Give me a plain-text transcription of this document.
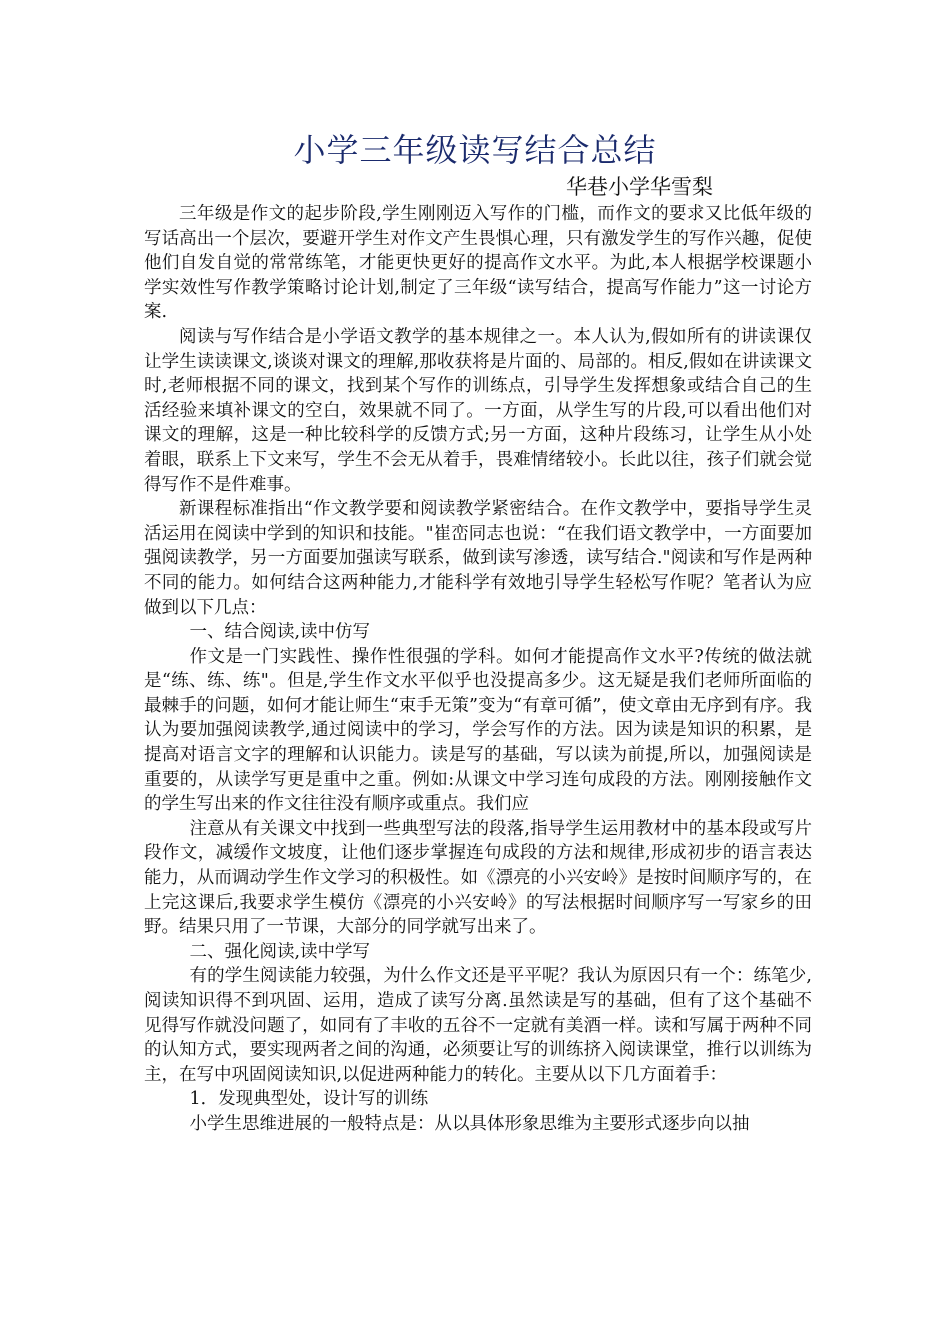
小学三年级读写结合总结
华巷小学华雪梨

三年级是作文的起步阶段,学生刚刚迈入写作的门槛，而作文的要求又比低年级的写话高出一个层次，要避开学生对作文产生畏惧心理，只有激发学生的写作兴趣，促使他们自发自觉的常常练笔，才能更快更好的提高作文水平。为此,本人根据学校课题小学实效性写作教学策略讨论计划,制定了三年级“读写结合，提高写作能力”这一讨论方案.

阅读与写作结合是小学语文教学的基本规律之一。本人认为,假如所有的讲读课仅让学生读读课文,谈谈对课文的理解,那收获将是片面的、局部的。相反,假如在讲读课文时,老师根据不同的课文，找到某个写作的训练点，引导学生发挥想象或结合自己的生活经验来填补课文的空白，效果就不同了。一方面，从学生写的片段,可以看出他们对课文的理解，这是一种比较科学的反馈方式;另一方面，这种片段练习，让学生从小处着眼，联系上下文来写，学生不会无从着手，畏难情绪较小。长此以往，孩子们就会觉得写作不是件难事。

新课程标准指出“作文教学要和阅读教学紧密结合。在作文教学中，要指导学生灵活运用在阅读中学到的知识和技能。"崔峦同志也说：“在我们语文教学中，一方面要加强阅读教学，另一方面要加强读写联系，做到读写渗透，读写结合."阅读和写作是两种不同的能力。如何结合这两种能力,才能科学有效地引导学生轻松写作呢？笔者认为应做到以下几点：

一、结合阅读,读中仿写

作文是一门实践性、操作性很强的学科。如何才能提高作文水平?传统的做法就是“练、练、练"。但是,学生作文水平似乎也没提高多少。这无疑是我们老师所面临的最棘手的问题，如何才能让师生“束手无策”变为“有章可循”，使文章由无序到有序。我认为要加强阅读教学,通过阅读中的学习，学会写作的方法。因为读是知识的积累，是提高对语言文字的理解和认识能力。读是写的基础，写以读为前提,所以，加强阅读是重要的，从读学写更是重中之重。例如:从课文中学习连句成段的方法。刚刚接触作文的学生写出来的作文往往没有顺序或重点。我们应

注意从有关课文中找到一些典型写法的段落,指导学生运用教材中的基本段或写片段作文，减缓作文坡度，让他们逐步掌握连句成段的方法和规律,形成初步的语言表达能力，从而调动学生作文学习的积极性。如《漂亮的小兴安岭》是按时间顺序写的，在上完这课后,我要求学生模仿《漂亮的小兴安岭》的写法根据时间顺序写一写家乡的田野。结果只用了一节课，大部分的同学就写出来了。

二、强化阅读,读中学写

有的学生阅读能力较强，为什么作文还是平平呢？我认为原因只有一个：练笔少,阅读知识得不到巩固、运用，造成了读写分离.虽然读是写的基础，但有了这个基础不见得写作就没问题了，如同有了丰收的五谷不一定就有美酒一样。读和写属于两种不同的认知方式，要实现两者之间的沟通，必须要让写的训练挤入阅读课堂，推行以训练为主，在写中巩固阅读知识,以促进两种能力的转化。主要从以下几方面着手：

1．发现典型处，设计写的训练

小学生思维进展的一般特点是：从以具体形象思维为主要形式逐步向以抽
